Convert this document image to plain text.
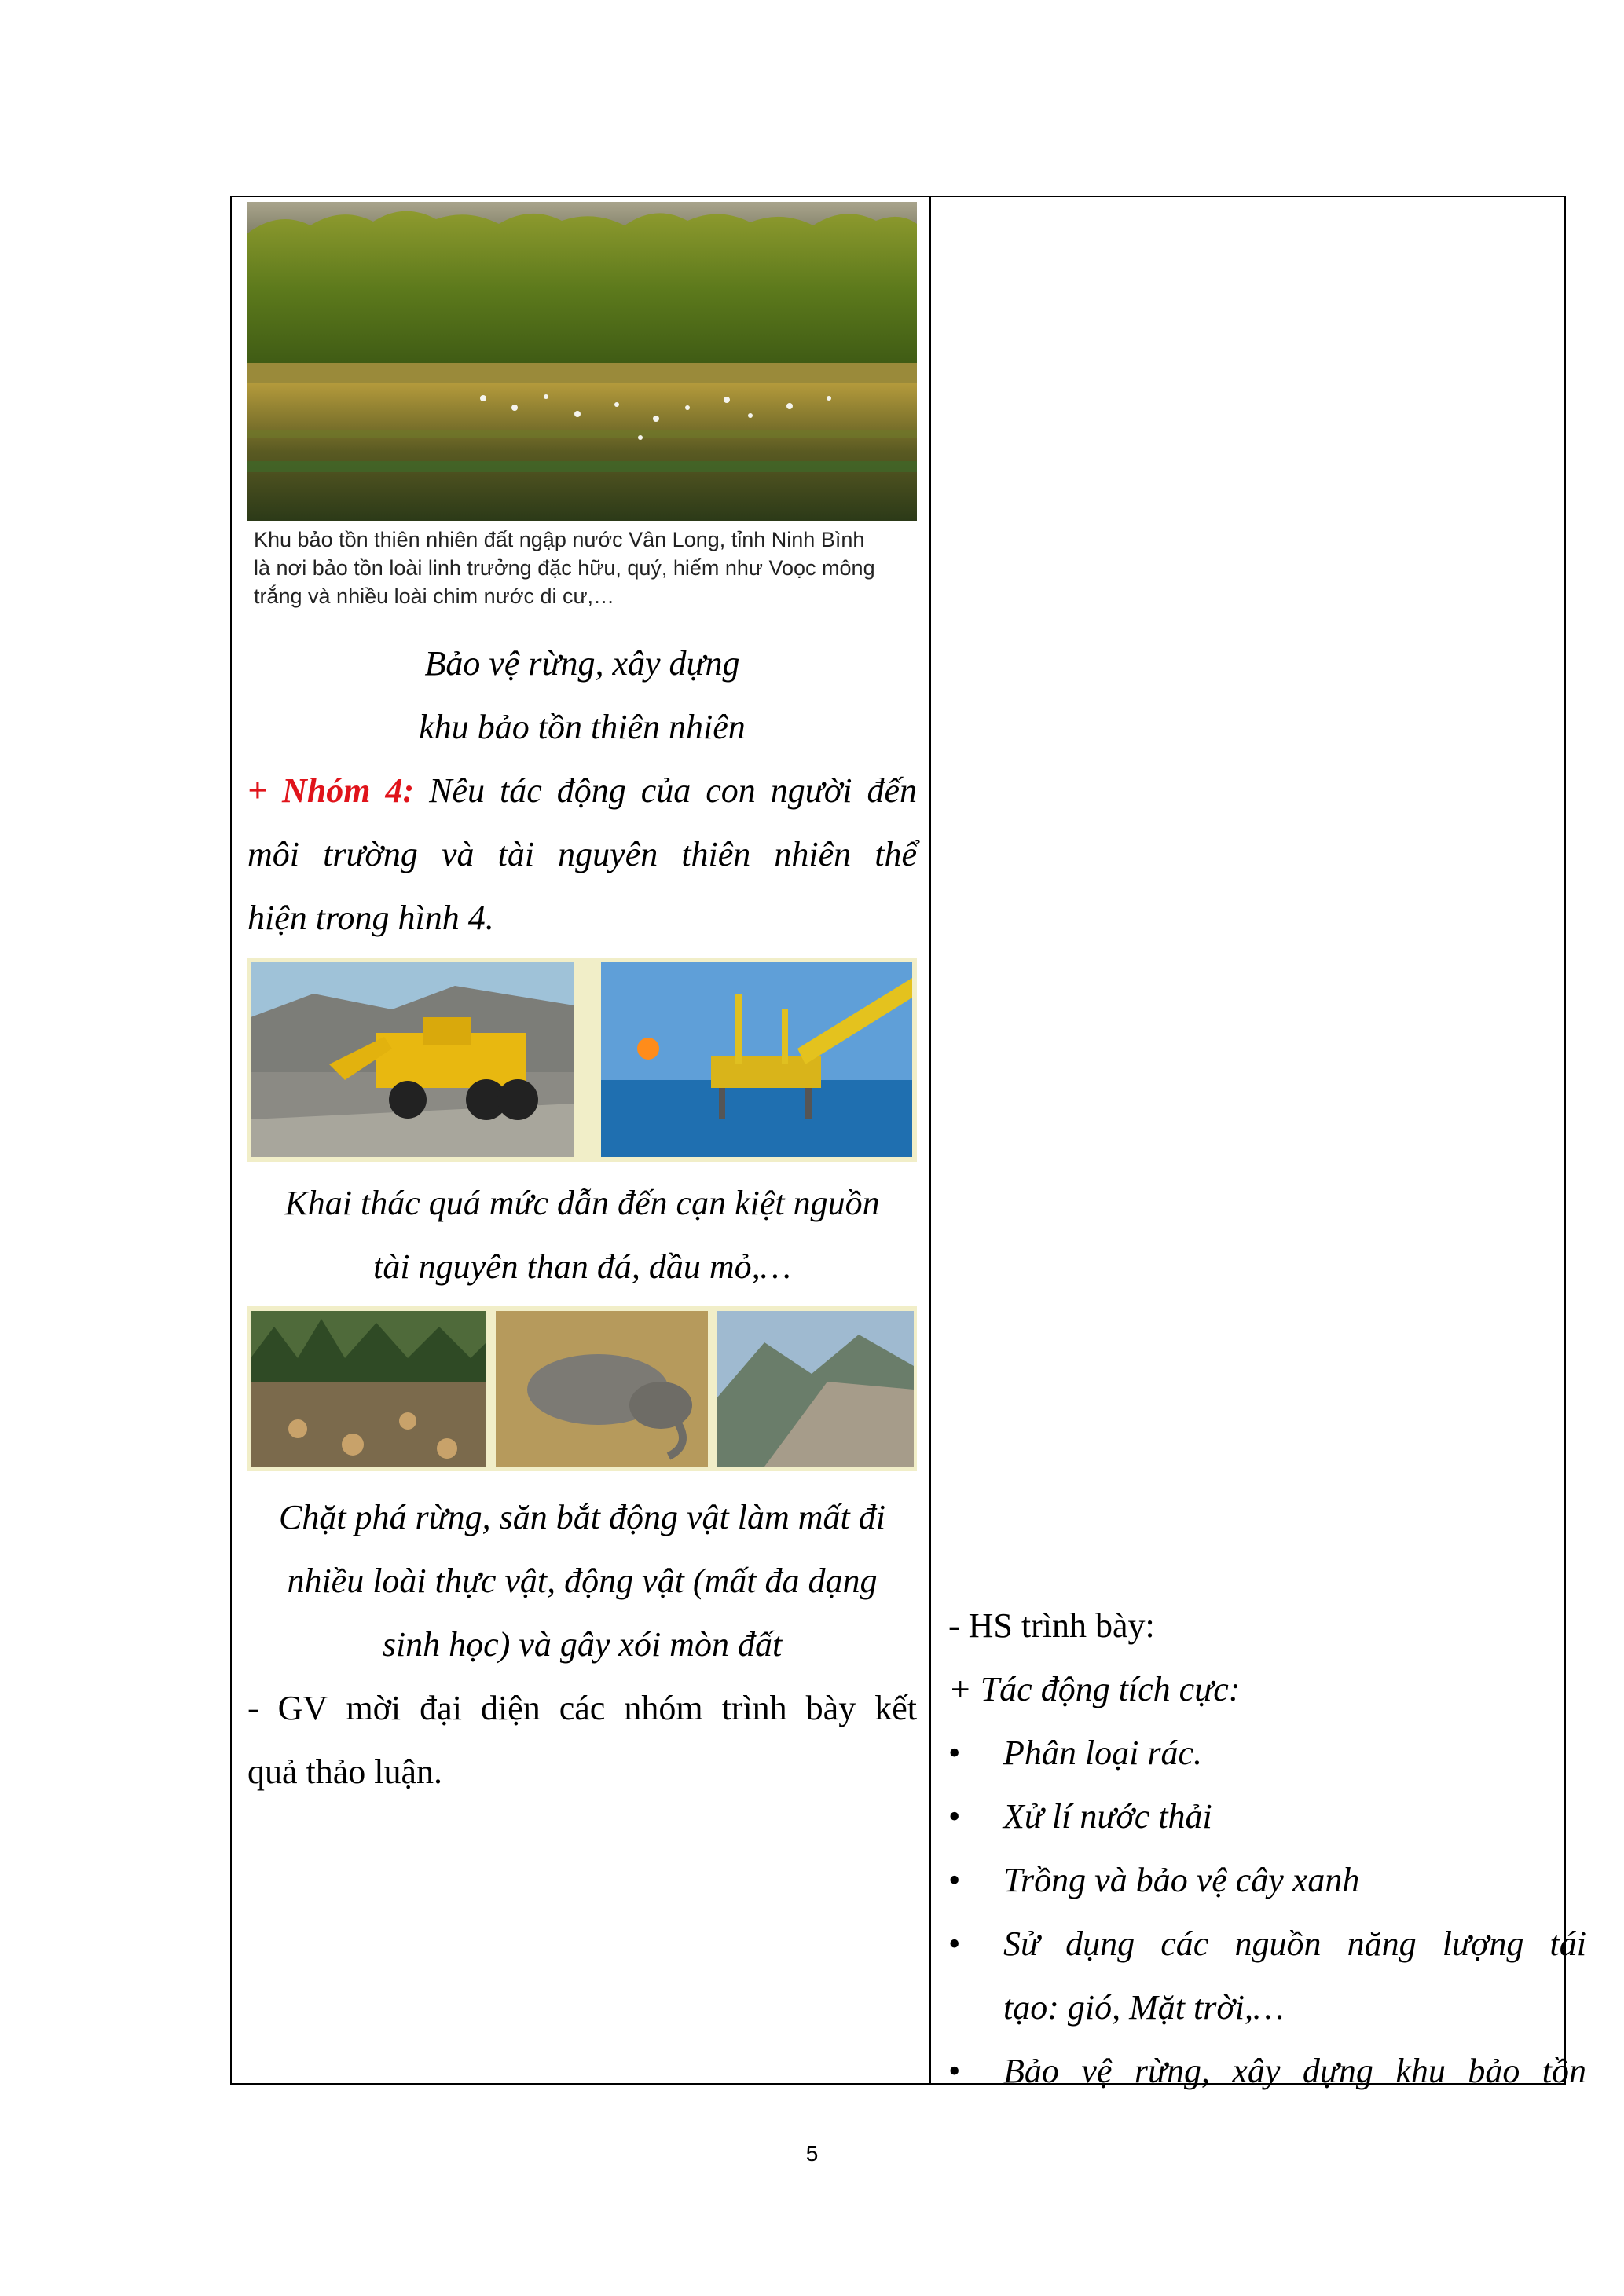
Khu bảo tồn thiên nhiên đất ngập nước Vân Long, tỉnh Ninh Bình
là nơi bảo tồn loài linh trưởng đặc hữu, quý, hiếm như Voọc mông
trắng và nhiều loài chim nước di cư,…
Bảo vệ rừng, xây dựng
khu bảo tồn thiên nhiên
+ Nhóm 4: Nêu tác động của con người đến
môi trường và tài nguyên thiên nhiên thể
hiện trong hình 4.
Khai thác quá mức dẫn đến cạn kiệt nguồn
tài nguyên than đá, dầu mỏ,…
Chặt phá rừng, săn bắt động vật làm mất đi
nhiều loài thực vật, động vật (mất đa dạng
sinh học) và gây xói mòn đất
- GV mời đại diện các nhóm trình bày kết
quả thảo luận.
- HS trình bày:
+ Tác động tích cực:
• Phân loại rác.
• Xử lí nước thải
• Trồng và bảo vệ cây xanh
• Sử dụng các nguồn năng lượng tái
tạo: gió, Mặt trời,…
• Bảo vệ rừng, xây dựng khu bảo tồn
5
